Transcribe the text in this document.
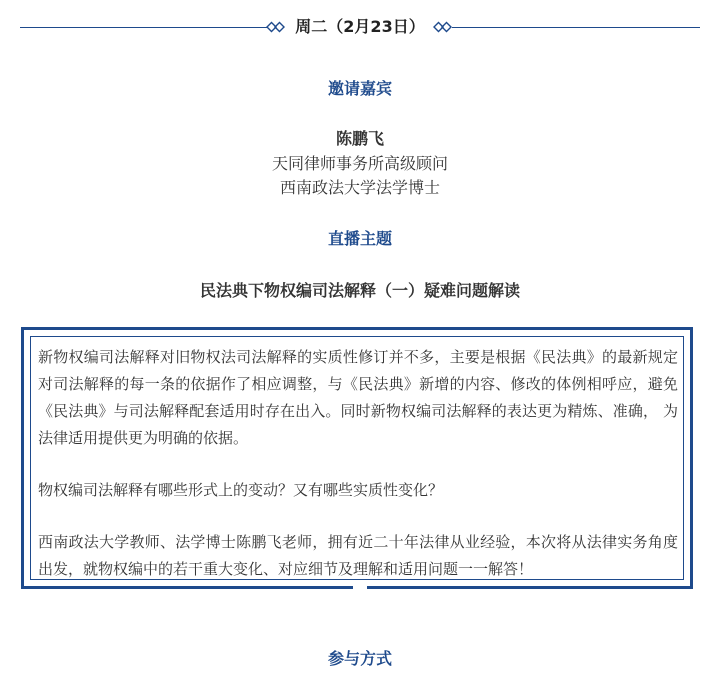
周二（2月23日）
邀请嘉宾
陈鹏飞
天同律师事务所高级顾问
西南政法大学法学博士
直播主题
民法典下物权编司法解释（一）疑难问题解读

新物权编司法解释对旧物权法司法解释的实质性修订并不多，主要是根据《民法典》的最新规定对司法解释的每一条的依据作了相应调整，与《民法典》新增的内容、修改的体例相呼应，避免《民法典》与司法解释配套适用时存在出入。同时新物权编司法解释的表达更为精炼、准确， 为法律适用提供更为明确的依据。

物权编司法解释有哪些形式上的变动？又有哪些实质性变化？

西南政法大学教师、法学博士陈鹏飞老师，拥有近二十年法律从业经验，本次将从法律实务角度出发，就物权编中的若干重大变化、对应细节及理解和适用问题一一解答！

参与方式
